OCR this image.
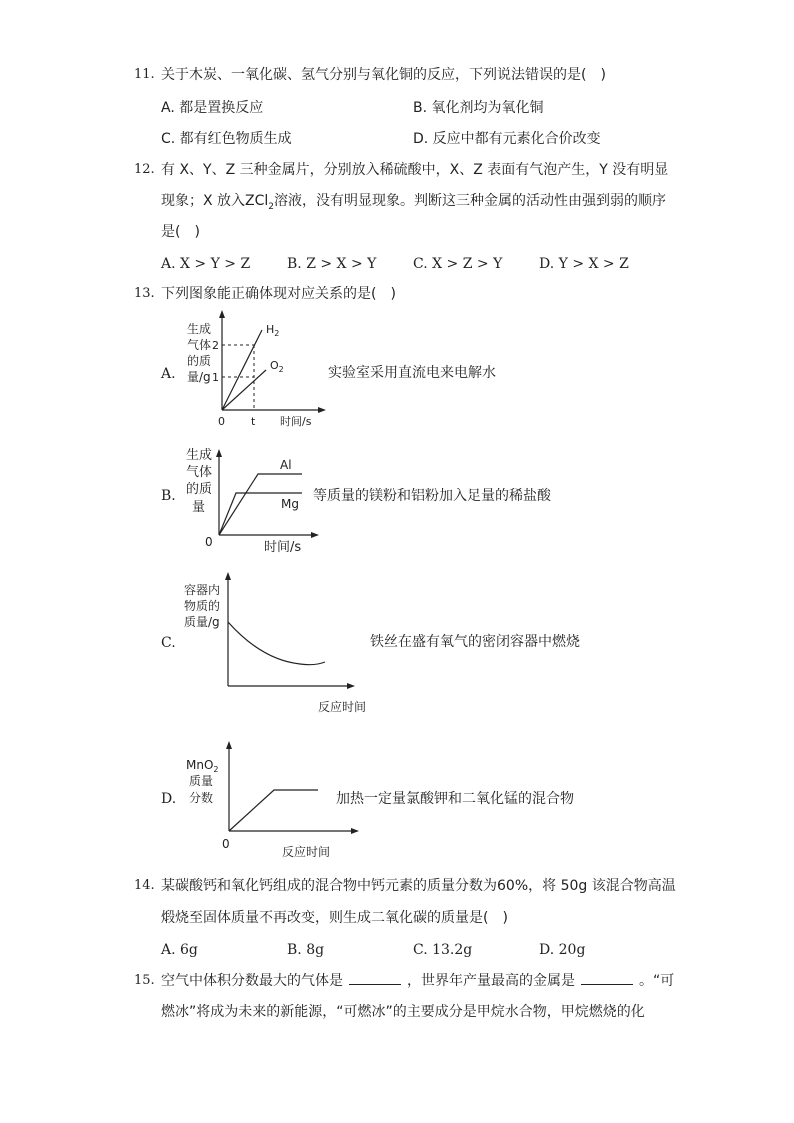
11. 关于木炭、一氧化碳、氢气分别与氧化铜的反应，下列说法错误的是(　)
A. 都是置换反应	B. 氧化剂均为氧化铜
C. 都有红色物质生成	D. 反应中都有元素化合价改变
12. 有 X、Y、Z 三种金属片，分别放入稀硫酸中，X、Z 表面有气泡产生，Y 没有明显
现象；X 放入ZCl$_2$溶液，没有明显现象。判断这三种金属的活动性由强到弱的顺序
是(　)
A. X > Y > Z	B. Z > X > Y	C. X > Z > Y	D. Y > X > Z
13. 下列图象能正确体现对应关系的是(　)
A.
生成
气体
的质
量/g
2
1
0 t 时间/s
$H_2$
$O_2$	实验室采用直流电来电解水
B.
生成
气体
的质
量
Al
Mg
0	时间/s
等质量的镁粉和铝粉加入足量的稀盐酸
C.
容器内
物质的
质量/g
反应时间
铁丝在盛有氧气的密闭容器中燃烧
D.
MnO$_2$
质量
分数
0
反应时间
加热一定量氯酸钾和二氧化锰的混合物
14. 某碳酸钙和氧化钙组成的混合物中钙元素的质量分数为60%，将 50g 该混合物高温
煅烧至固体质量不再改变，则生成二氧化碳的质量是(　)
A. 6g	B. 8g	C. 13.2g	D. 20g
15. 空气中体积分数最大的气体是	，世界年产量最高的金属是	。“可
燃冰”将成为未来的新能源，“可燃冰”的主要成分是甲烷水合物，甲烷燃烧的化
